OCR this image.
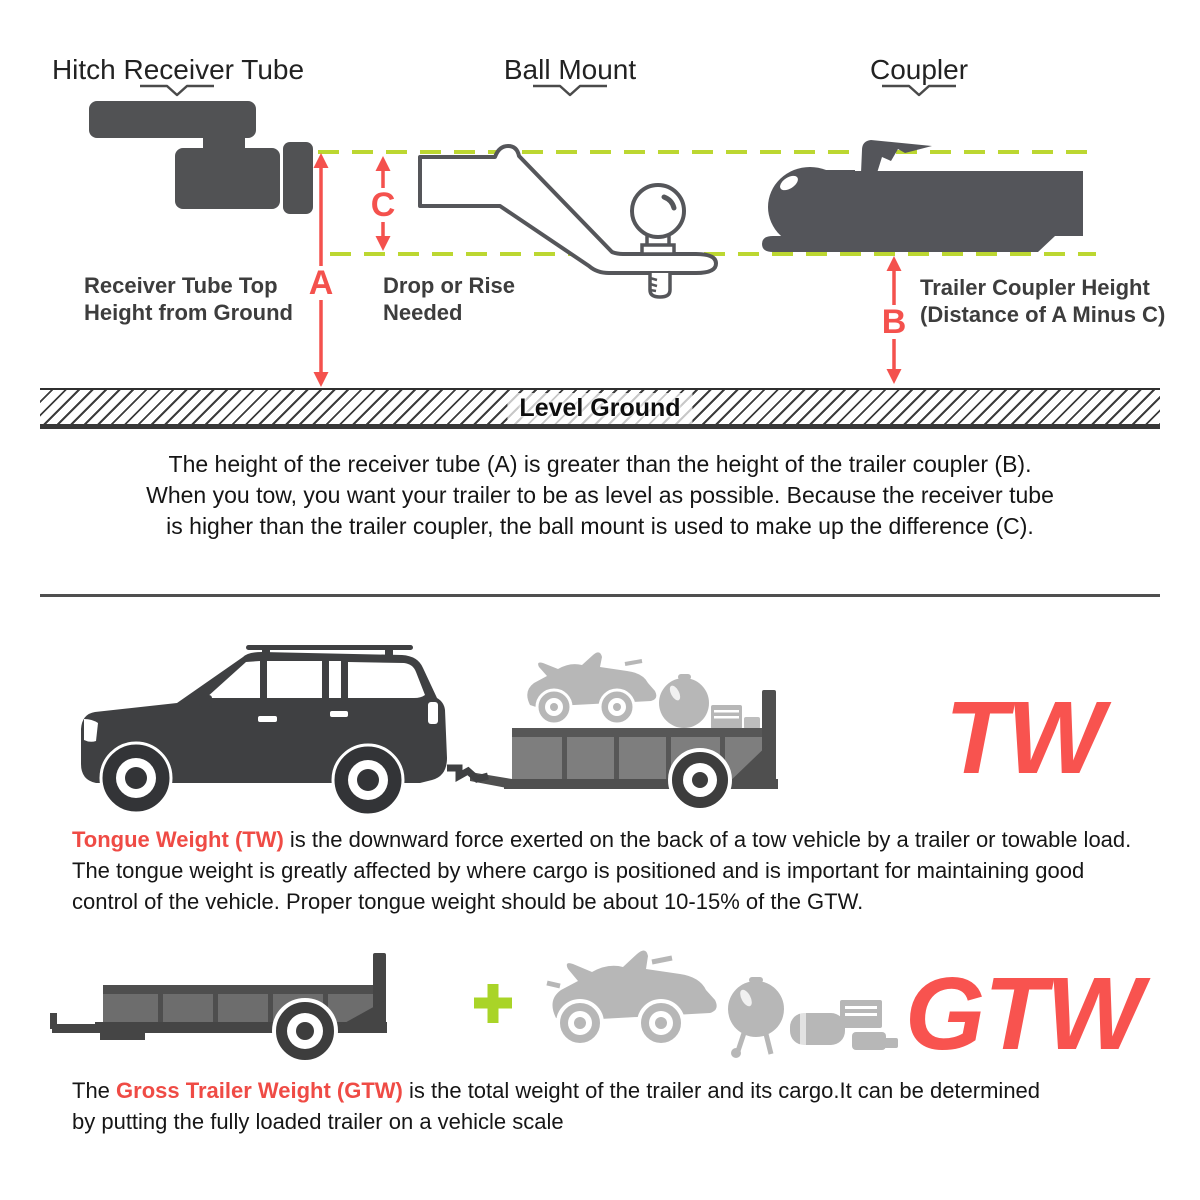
Hitch Receiver Tube	Ball Mount	Coupler
A
C
B
Receiver Tube Top
Height from Ground
Drop or Rise
Needed
Trailer Coupler Height
(Distance of A Minus C)
Level Ground
The height of the receiver tube (A) is greater than the height of the trailer coupler (B).
When you tow, you want your trailer to be as level as possible. Because the receiver tube
is higher than the trailer coupler, the ball mount is used to make up the difference (C).
TW

Tongue Weight (TW) is the downward force exerted on the back of a tow vehicle by a trailer or towable load.
The tongue weight is greatly affected by where cargo is positioned and is important for maintaining good
control of the vehicle. Proper tongue weight should be about 10-15% of the GTW.

GTW

The Gross Trailer Weight (GTW) is the total weight of the trailer and its cargo.It can be determined
by putting the fully loaded trailer on a vehicle scale
